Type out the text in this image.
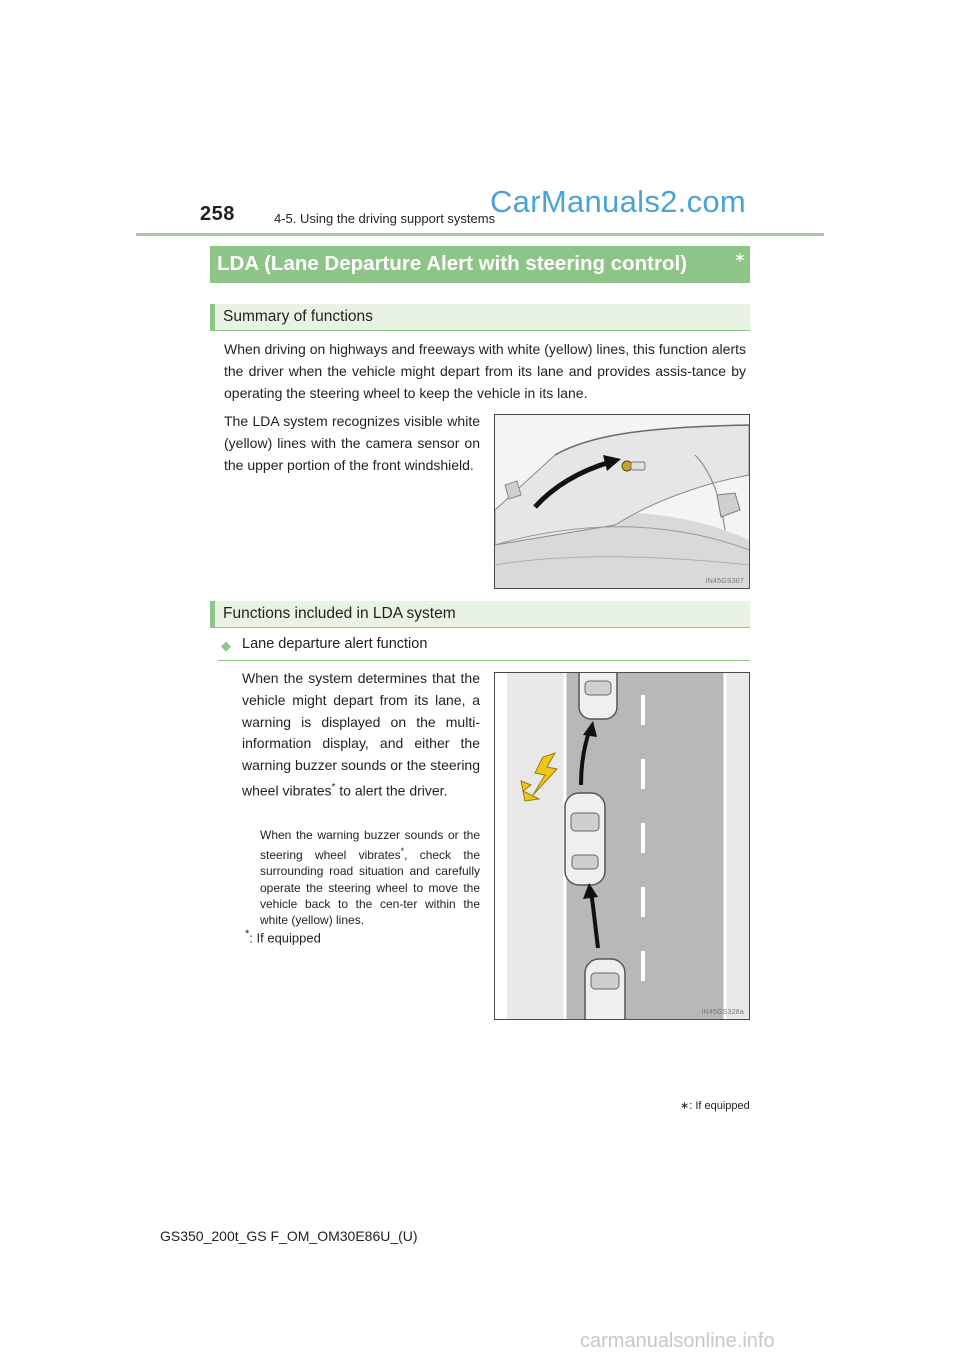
258	4-5. Using the driving support systems
CarManuals2.com
LDA (Lane Departure Alert with steering control)	∗
Summary of functions
When driving on highways and freeways with white (yellow) lines, this function alerts the driver when the vehicle might depart from its lane and provides assis-tance by operating the steering wheel to keep the vehicle in its lane.
The LDA system recognizes visible white (yellow) lines with the camera sensor on the upper portion of the front windshield.
IN45GS307
Functions included in LDA system
◆ Lane departure alert function
When the system determines that the vehicle might depart from its lane, a warning is displayed on the multi-information display, and either the warning buzzer sounds or the steering wheel vibrates* to alert the driver.
When the warning buzzer sounds or the steering wheel vibrates*, check the surrounding road situation and carefully operate the steering wheel to move the vehicle back to the cen-ter within the white (yellow) lines.
*: If equipped
IN45GS328a
∗: If equipped
GS350_200t_GS F_OM_OM30E86U_(U)
carmanualsonline.info
